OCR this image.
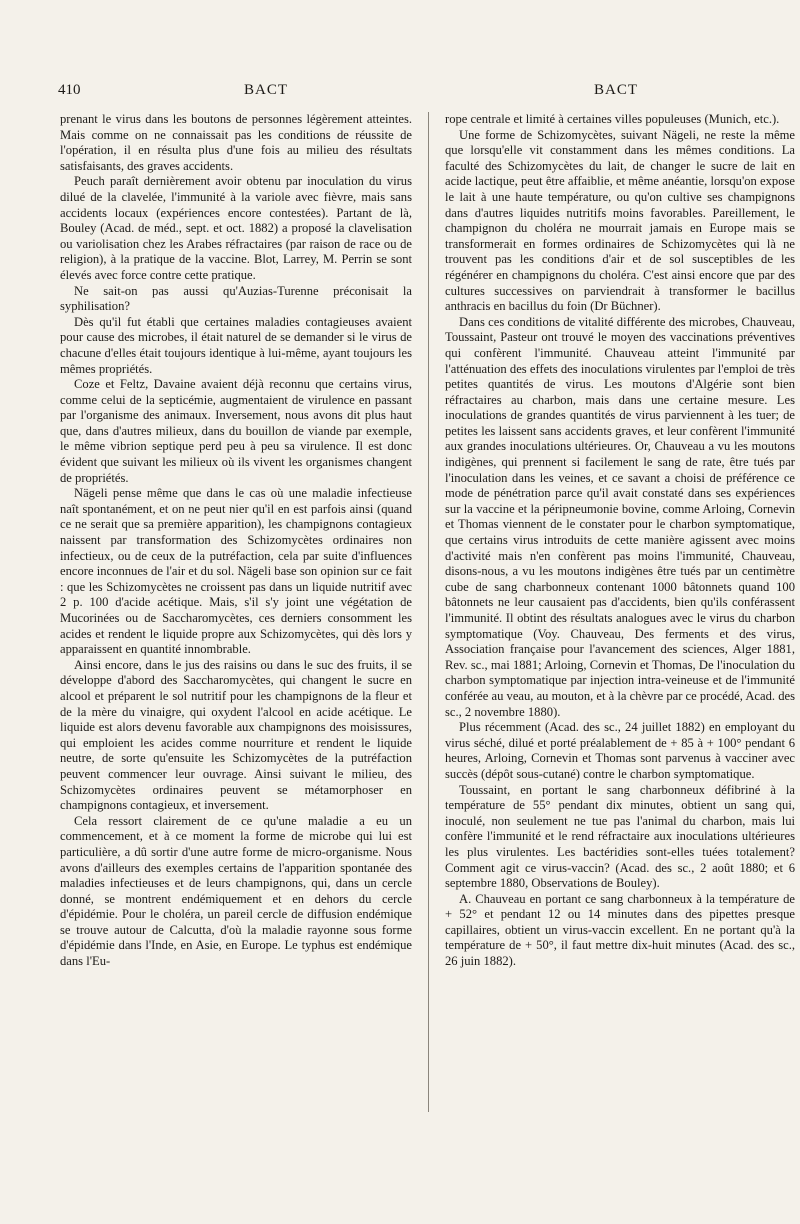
410	BACT	BACT

prenant le virus dans les boutons de personnes légèrement atteintes. Mais comme on ne connaissait pas les conditions de réussite de l'opération, il en résulta plus d'une fois au milieu des résultats satisfaisants, des graves accidents.

Peuch paraît dernièrement avoir obtenu par inoculation du virus dilué de la clavelée, l'immunité à la variole avec fièvre, mais sans accidents locaux (expériences encore contestées). Partant de là, Bouley (Acad. de méd., sept. et oct. 1882) a proposé la clavelisation ou variolisation chez les Arabes réfractaires (par raison de race ou de religion), à la pratique de la vaccine. Blot, Larrey, M. Perrin se sont élevés avec force contre cette pratique.

Ne sait-on pas aussi qu'Auzias-Turenne préconisait la syphilisation?

Dès qu'il fut établi que certaines maladies contagieuses avaient pour cause des microbes, il était naturel de se demander si le virus de chacune d'elles était toujours identique à lui-même, ayant toujours les mêmes propriétés.

Coze et Feltz, Davaine avaient déjà reconnu que certains virus, comme celui de la septicémie, augmentaient de virulence en passant par l'organisme des animaux. Inversement, nous avons dit plus haut que, dans d'autres milieux, dans du bouillon de viande par exemple, le même vibrion septique perd peu à peu sa virulence. Il est donc évident que suivant les milieux où ils vivent les organismes changent de propriétés.

Nägeli pense même que dans le cas où une maladie infectieuse naît spontanément, et on ne peut nier qu'il en est parfois ainsi (quand ce ne serait que sa première apparition), les champignons contagieux naissent par transformation des Schizomycètes ordinaires non infectieux, ou de ceux de la putréfaction, cela par suite d'influences encore inconnues de l'air et du sol. Nägeli base son opinion sur ce fait : que les Schizomycètes ne croissent pas dans un liquide nutritif avec 2 p. 100 d'acide acétique. Mais, s'il s'y joint une végétation de Mucorinées ou de Saccharomycètes, ces derniers consomment les acides et rendent le liquide propre aux Schizomycètes, qui dès lors y apparaissent en quantité innombrable.

Ainsi encore, dans le jus des raisins ou dans le suc des fruits, il se développe d'abord des Saccharomycètes, qui changent le sucre en alcool et préparent le sol nutritif pour les champignons de la fleur et de la mère du vinaigre, qui oxydent l'alcool en acide acétique. Le liquide est alors devenu favorable aux champignons des moisissures, qui emploient les acides comme nourriture et rendent le liquide neutre, de sorte qu'ensuite les Schizomycètes de la putréfaction peuvent commencer leur ouvrage. Ainsi suivant le milieu, des Schizomycètes ordinaires peuvent se métamorphoser en champignons contagieux, et inversement.

Cela ressort clairement de ce qu'une maladie a eu un commencement, et à ce moment la forme de microbe qui lui est particulière, a dû sortir d'une autre forme de micro-organisme. Nous avons d'ailleurs des exemples certains de l'apparition spontanée des maladies infectieuses et de leurs champignons, qui, dans un cercle donné, se montrent endémiquement et en dehors du cercle d'épidémie. Pour le choléra, un pareil cercle de diffusion endémique se trouve autour de Calcutta, d'où la maladie rayonne sous forme d'épidémie dans l'Inde, en Asie, en Europe. Le typhus est endémique dans l'Eu-

rope centrale et limité à certaines villes populeuses (Munich, etc.).

Une forme de Schizomycètes, suivant Nägeli, ne reste la même que lorsqu'elle vit constamment dans les mêmes conditions. La faculté des Schizomycètes du lait, de changer le sucre de lait en acide lactique, peut être affaiblie, et même anéantie, lorsqu'on expose le lait à une haute température, ou qu'on cultive ses champignons dans d'autres liquides nutritifs moins favorables. Pareillement, le champignon du choléra ne mourrait jamais en Europe mais se transformerait en formes ordinaires de Schizomycètes qui là ne trouvent pas les conditions d'air et de sol susceptibles de les régénérer en champignons du choléra. C'est ainsi encore que par des cultures successives on parviendrait à transformer le bacillus anthracis en bacillus du foin (Dr Büchner).

Dans ces conditions de vitalité différente des microbes, Chauveau, Toussaint, Pasteur ont trouvé le moyen des vaccinations préventives qui confèrent l'immunité. Chauveau atteint l'immunité par l'atténuation des effets des inoculations virulentes par l'emploi de très petites quantités de virus. Les moutons d'Algérie sont bien réfractaires au charbon, mais dans une certaine mesure. Les inoculations de grandes quantités de virus parviennent à les tuer; de petites les laissent sans accidents graves, et leur confèrent l'immunité aux grandes inoculations ultérieures. Or, Chauveau a vu les moutons indigènes, qui prennent si facilement le sang de rate, être tués par l'inoculation dans les veines, et ce savant a choisi de préférence ce mode de pénétration parce qu'il avait constaté dans ses expériences sur la vaccine et la péripneumonie bovine, comme Arloing, Cornevin et Thomas viennent de le constater pour le charbon symptomatique, que certains virus introduits de cette manière agissent avec moins d'activité mais n'en confèrent pas moins l'immunité, Chauveau, disons-nous, a vu les moutons indigènes être tués par un centimètre cube de sang charbonneux contenant 1000 bâtonnets quand 100 bâtonnets ne leur causaient pas d'accidents, bien qu'ils conférassent l'immunité. Il obtint des résultats analogues avec le virus du charbon symptomatique (Voy. Chauveau, Des ferments et des virus, Association française pour l'avancement des sciences, Alger 1881, Rev. sc., mai 1881; Arloing, Cornevin et Thomas, De l'inoculation du charbon symptomatique par injection intra-veineuse et de l'immunité conférée au veau, au mouton, et à la chèvre par ce procédé, Acad. des sc., 2 novembre 1880).

Plus récemment (Acad. des sc., 24 juillet 1882) en employant du virus séché, dilué et porté préalablement de + 85 à + 100° pendant 6 heures, Arloing, Cornevin et Thomas sont parvenus à vacciner avec succès (dépôt sous-cutané) contre le charbon symptomatique.

Toussaint, en portant le sang charbonneux défibriné à la température de 55° pendant dix minutes, obtient un sang qui, inoculé, non seulement ne tue pas l'animal du charbon, mais lui confère l'immunité et le rend réfractaire aux inoculations ultérieures les plus virulentes. Les bactéridies sont-elles tuées totalement? Comment agit ce virus-vaccin? (Acad. des sc., 2 août 1880; et 6 septembre 1880, Observations de Bouley).

A. Chauveau en portant ce sang charbonneux à la température de + 52° et pendant 12 ou 14 minutes dans des pipettes presque capillaires, obtient un virus-vaccin excellent. En ne portant qu'à la température de + 50°, il faut mettre dix-huit minutes (Acad. des sc., 26 juin 1882).
